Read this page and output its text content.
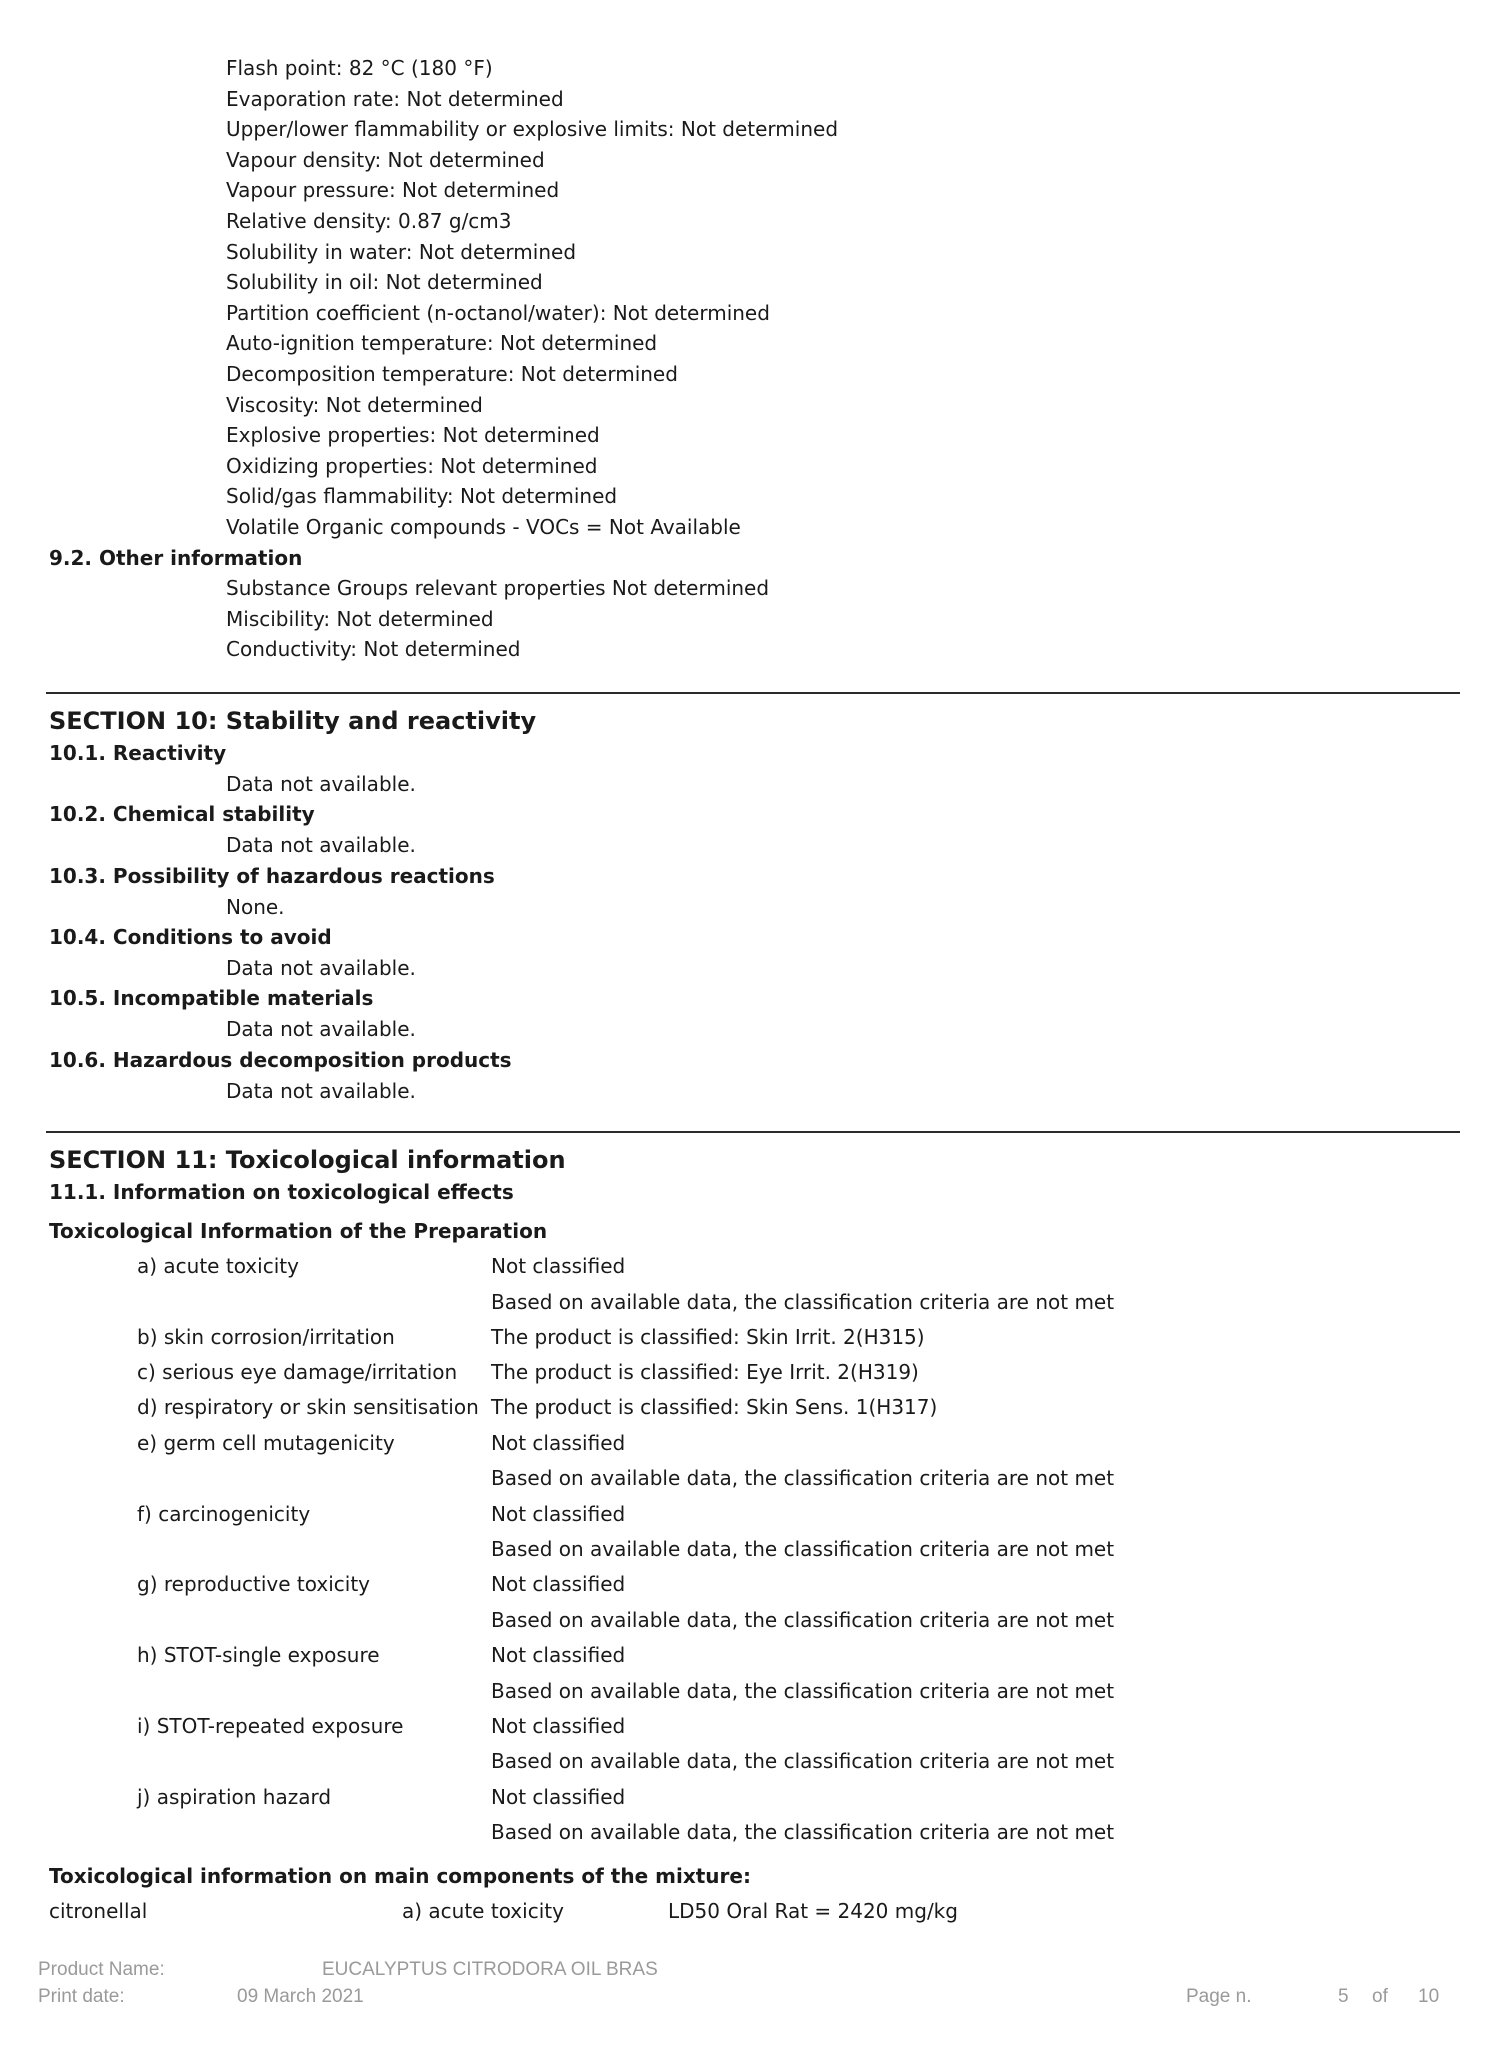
Flash point: 82 °C (180 °F)
Evaporation rate: Not determined
Upper/lower flammability or explosive limits: Not determined
Vapour density: Not determined
Vapour pressure: Not determined
Relative density: 0.87 g/cm3
Solubility in water: Not determined
Solubility in oil: Not determined
Partition coefficient (n-octanol/water): Not determined
Auto-ignition temperature: Not determined
Decomposition temperature: Not determined
Viscosity: Not determined
Explosive properties: Not determined
Oxidizing properties: Not determined
Solid/gas flammability: Not determined
Volatile Organic compounds - VOCs = Not Available
9.2. Other information
Substance Groups relevant properties Not determined
Miscibility: Not determined
Conductivity: Not determined
SECTION 10: Stability and reactivity
10.1. Reactivity
Data not available.
10.2. Chemical stability
Data not available.
10.3. Possibility of hazardous reactions
None.
10.4. Conditions to avoid
Data not available.
10.5. Incompatible materials
Data not available.
10.6. Hazardous decomposition products
Data not available.
SECTION 11: Toxicological information
11.1. Information on toxicological effects
Toxicological Information of the Preparation
a) acute toxicity	Not classified
Based on available data, the classification criteria are not met
b) skin corrosion/irritation	The product is classified: Skin Irrit. 2(H315)
c) serious eye damage/irritation The product is classified: Eye Irrit. 2(H319)
d) respiratory or skin sensitisation The product is classified: Skin Sens. 1(H317)
e) germ cell mutagenicity	Not classified
Based on available data, the classification criteria are not met
f) carcinogenicity	Not classified
Based on available data, the classification criteria are not met
g) reproductive toxicity	Not classified
Based on available data, the classification criteria are not met
h) STOT-single exposure	Not classified
Based on available data, the classification criteria are not met
i) STOT-repeated exposure	Not classified
Based on available data, the classification criteria are not met
j) aspiration hazard	Not classified
Based on available data, the classification criteria are not met
Toxicological information on main components of the mixture:
citronellal	a) acute toxicity	LD50 Oral Rat = 2420 mg/kg
Product Name:	EUCALYPTUS CITRODORA OIL BRAS
Print date:	09 March 2021	Page n.	5 of 10
